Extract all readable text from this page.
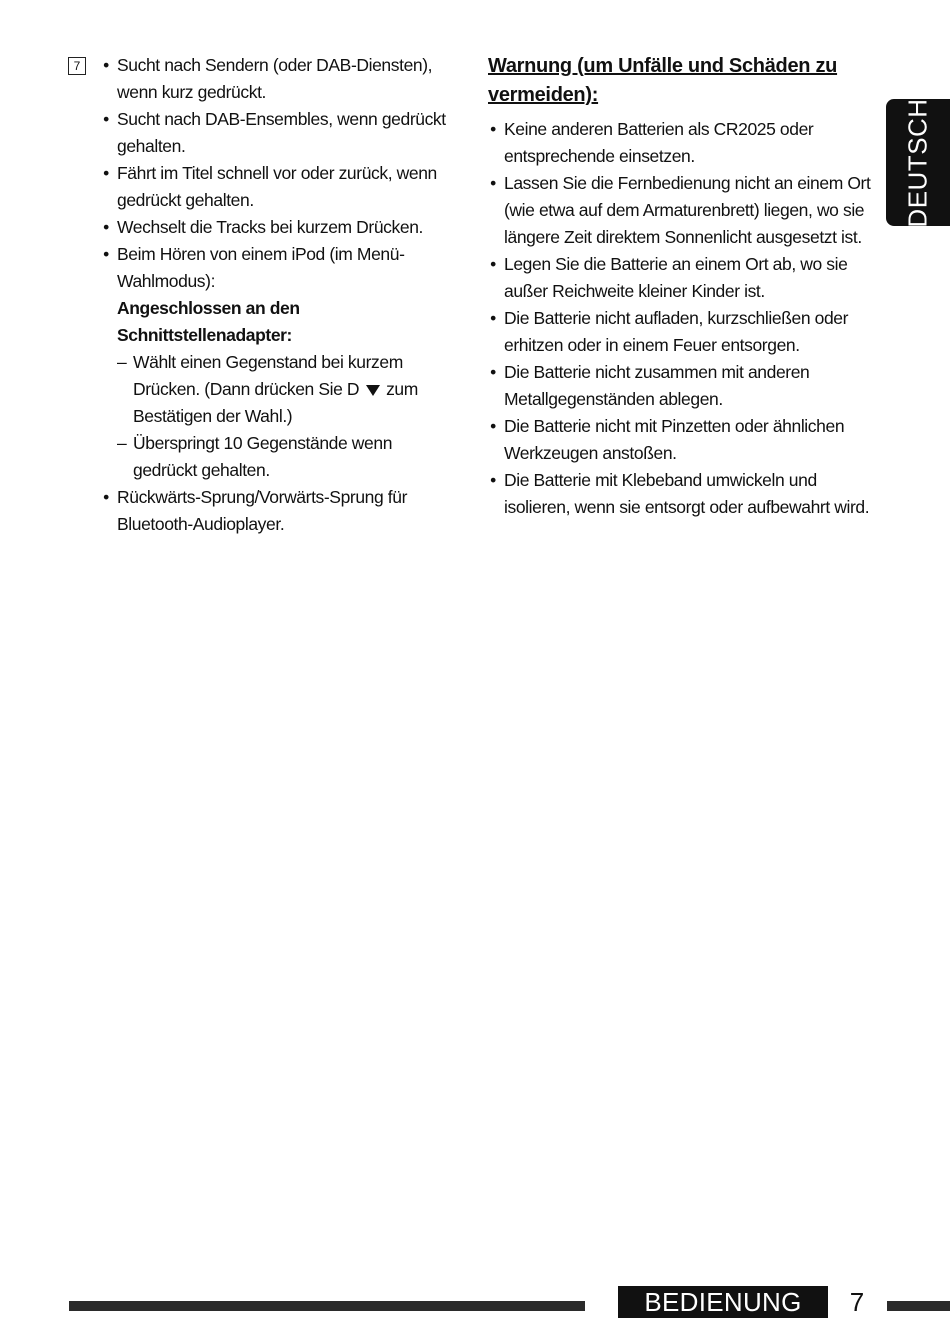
7	• Sucht nach Sendern (oder DAB-Diensten), wenn kurz gedrückt.
• Sucht nach DAB-Ensembles, wenn gedrückt gehalten.
• Fährt im Titel schnell vor oder zurück, wenn gedrückt gehalten.
• Wechselt die Tracks bei kurzem Drücken.
• Beim Hören von einem iPod (im Menü-Wahlmodus):
Angeschlossen an den Schnittstellenadapter:
– Wählt einen Gegenstand bei kurzem Drücken. (Dann drücken Sie D zum Bestätigen der Wahl.)
– Überspringt 10 Gegenstände wenn gedrückt gehalten.
• Rückwärts-Sprung/Vorwärts-Sprung für Bluetooth-Audioplayer.
Warnung (um Unfälle und Schäden zu vermeiden):
• Keine anderen Batterien als CR2025 oder entsprechende einsetzen.
• Lassen Sie die Fernbedienung nicht an einem Ort (wie etwa auf dem Armaturenbrett) liegen, wo sie längere Zeit direktem Sonnenlicht ausgesetzt ist.
• Legen Sie die Batterie an einem Ort ab, wo sie außer Reichweite kleiner Kinder ist.
• Die Batterie nicht aufladen, kurzschließen oder erhitzen oder in einem Feuer entsorgen.
• Die Batterie nicht zusammen mit anderen Metallgegenständen ablegen.
• Die Batterie nicht mit Pinzetten oder ähnlichen Werkzeugen anstoßen.
• Die Batterie mit Klebeband umwickeln und isolieren, wenn sie entsorgt oder aufbewahrt wird.
DEUTSCH
BEDIENUNG	7
